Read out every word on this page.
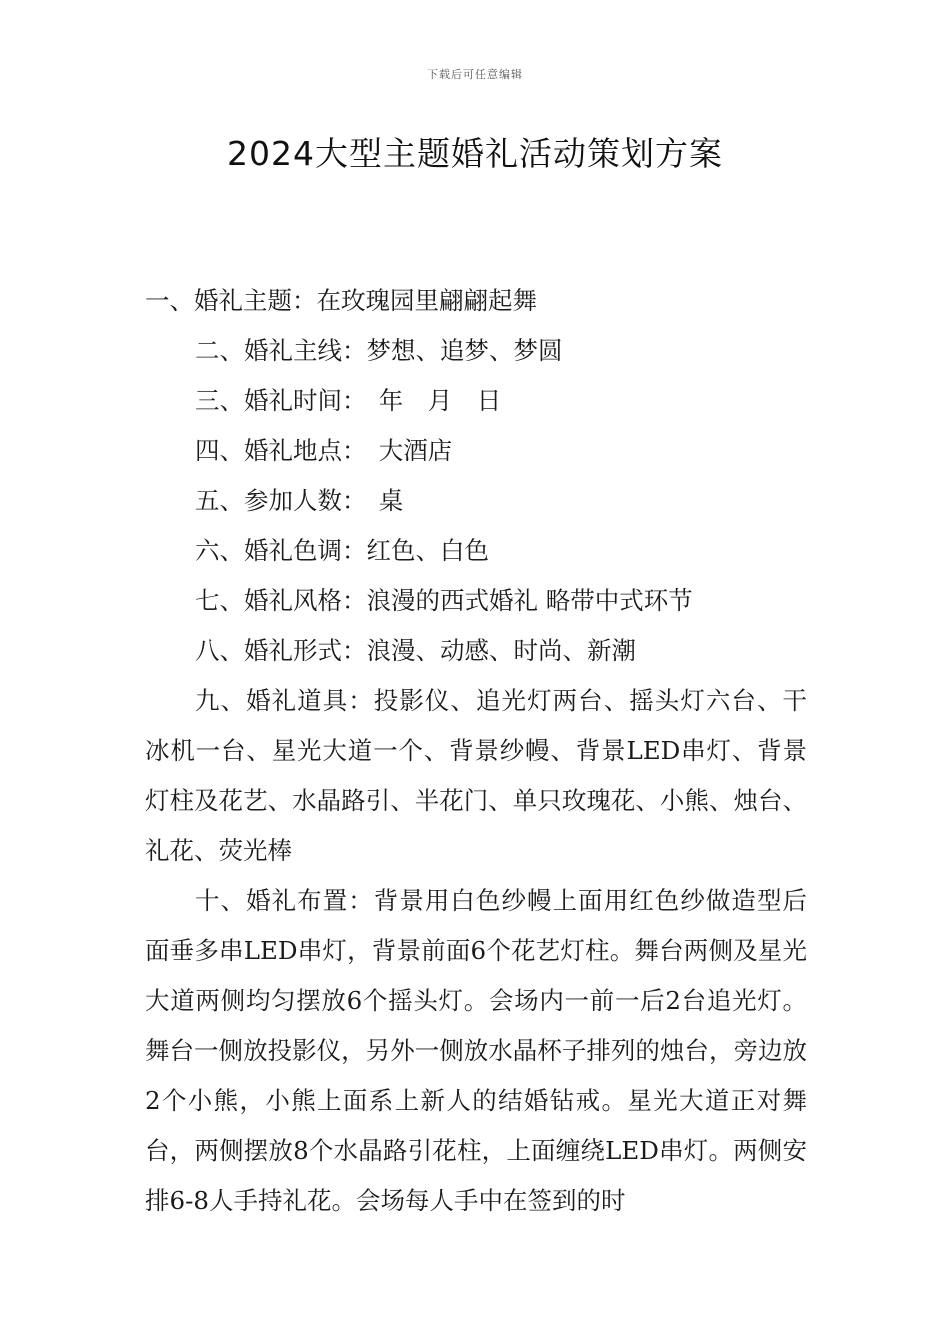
下载后可任意编辑
2024大型主题婚礼活动策划方案
一、婚礼主题：在玫瑰园里翩翩起舞
二、婚礼主线：梦想、追梦、梦圆
三、婚礼时间：　年　月　日
四、婚礼地点：　大酒店
五、参加人数：　桌
六、婚礼色调：红色、白色
七、婚礼风格：浪漫的西式婚礼 略带中式环节
八、婚礼形式：浪漫、动感、时尚、新潮
九、婚礼道具：投影仪、追光灯两台、摇头灯六台、干冰机一台、星光大道一个、背景纱幔、背景LED串灯、背景灯柱及花艺、水晶路引、半花门、单只玫瑰花、小熊、烛台、礼花、荧光棒
十、婚礼布置：背景用白色纱幔上面用红色纱做造型后面垂多串LED串灯，背景前面6个花艺灯柱。舞台两侧及星光大道两侧均匀摆放6个摇头灯。会场内一前一后2台追光灯。舞台一侧放投影仪，另外一侧放水晶杯子排列的烛台，旁边放2个小熊，小熊上面系上新人的结婚钻戒。星光大道正对舞台，两侧摆放8个水晶路引花柱，上面缠绕LED串灯。两侧安排6-8人手持礼花。会场每人手中在签到的时
